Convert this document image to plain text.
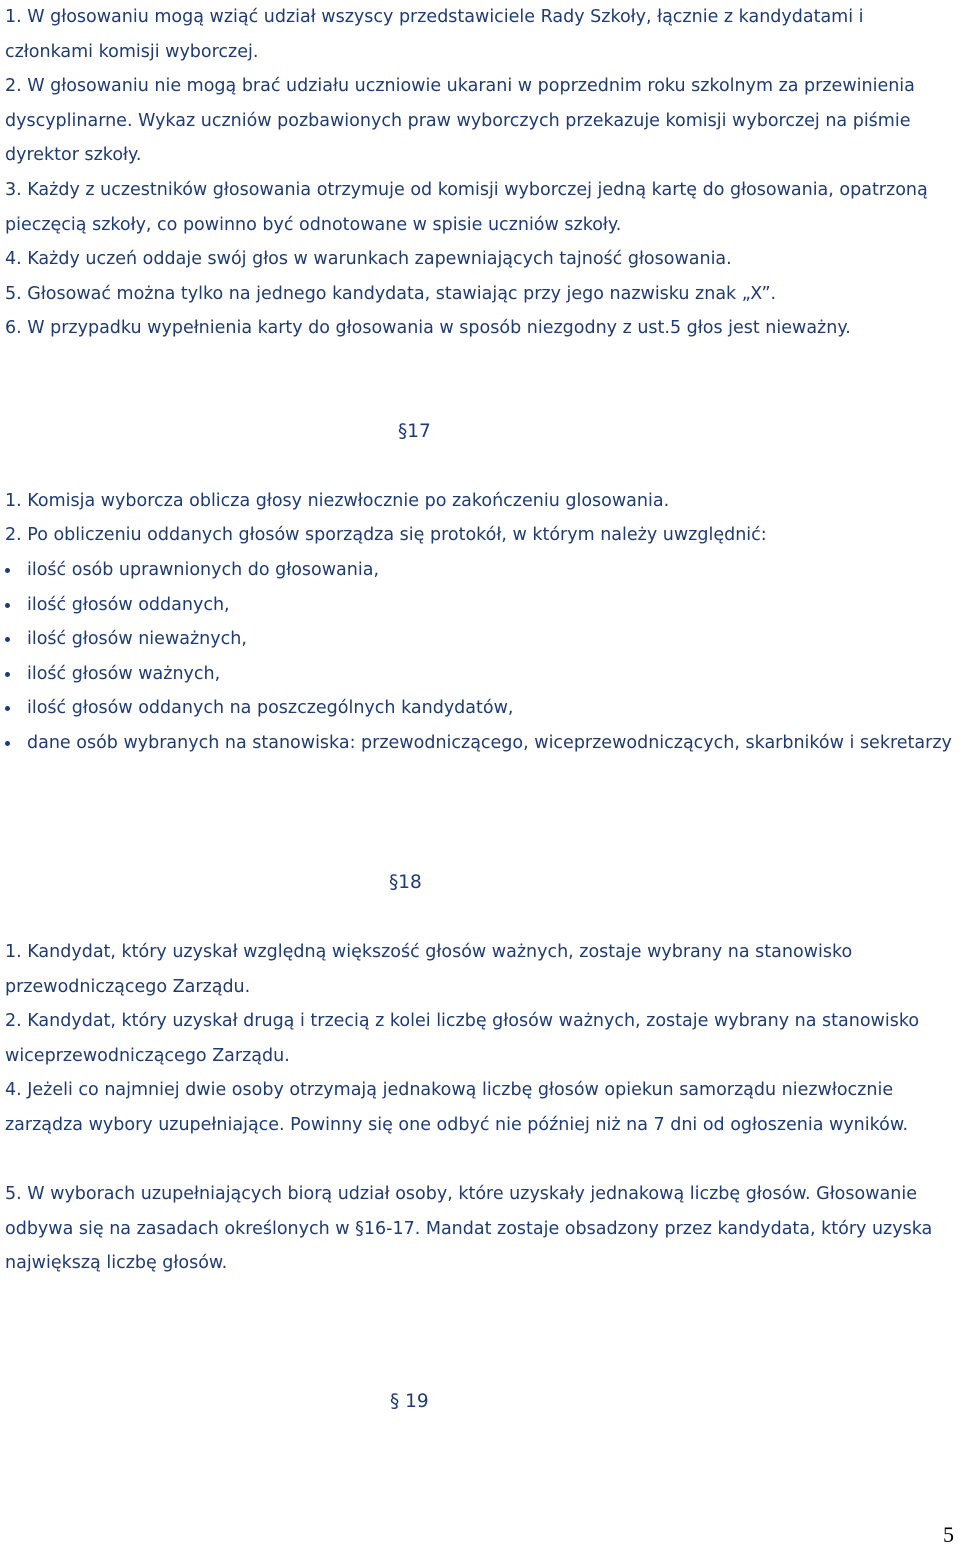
1. W głosowaniu mogą wziąć udział wszyscy przedstawiciele Rady Szkoły, łącznie z kandydatami i członkami komisji wyborczej.
2. W głosowaniu nie mogą brać udziału uczniowie ukarani w poprzednim roku szkolnym za przewinienia dyscyplinarne. Wykaz uczniów pozbawionych praw wyborczych przekazuje komisji wyborczej na piśmie dyrektor szkoły.
3. Każdy z uczestników głosowania otrzymuje od komisji wyborczej jedną kartę do głosowania, opatrzoną pieczęcią szkoły, co powinno być odnotowane w spisie uczniów szkoły.
4. Każdy uczeń oddaje swój głos w warunkach zapewniających tajność głosowania.
5. Głosować można tylko na jednego kandydata, stawiając przy jego nazwisku znak „X”.
6. W przypadku wypełnienia karty do głosowania w sposób niezgodny z ust.5 głos jest nieważny.
§17
1. Komisja wyborcza oblicza głosy niezwłocznie po zakończeniu glosowania.
2. Po obliczeniu oddanych głosów sporządza się protokół, w którym należy uwzględnić:
ilość osób uprawnionych do głosowania,
ilość głosów oddanych,
ilość głosów nieważnych,
ilość głosów ważnych,
ilość głosów oddanych na poszczególnych kandydatów,
dane osób wybranych na stanowiska: przewodniczącego, wiceprzewodniczących, skarbników i sekretarzy
§18
1. Kandydat, który uzyskał względną większość głosów ważnych, zostaje wybrany na stanowisko przewodniczącego Zarządu.
2. Kandydat, który uzyskał drugą i trzecią z kolei liczbę głosów ważnych, zostaje wybrany na stanowisko wiceprzewodniczącego Zarządu.
4. Jeżeli co najmniej dwie osoby otrzymają jednakową liczbę głosów opiekun samorządu niezwłocznie zarządza wybory uzupełniające. Powinny się one odbyć nie później niż na 7 dni od ogłoszenia wyników.
5. W wyborach uzupełniających biorą udział osoby, które uzyskały jednakową liczbę głosów. Głosowanie odbywa się na zasadach określonych w §16-17. Mandat zostaje obsadzony przez kandydata, który uzyska największą liczbę głosów.
§ 19
5
